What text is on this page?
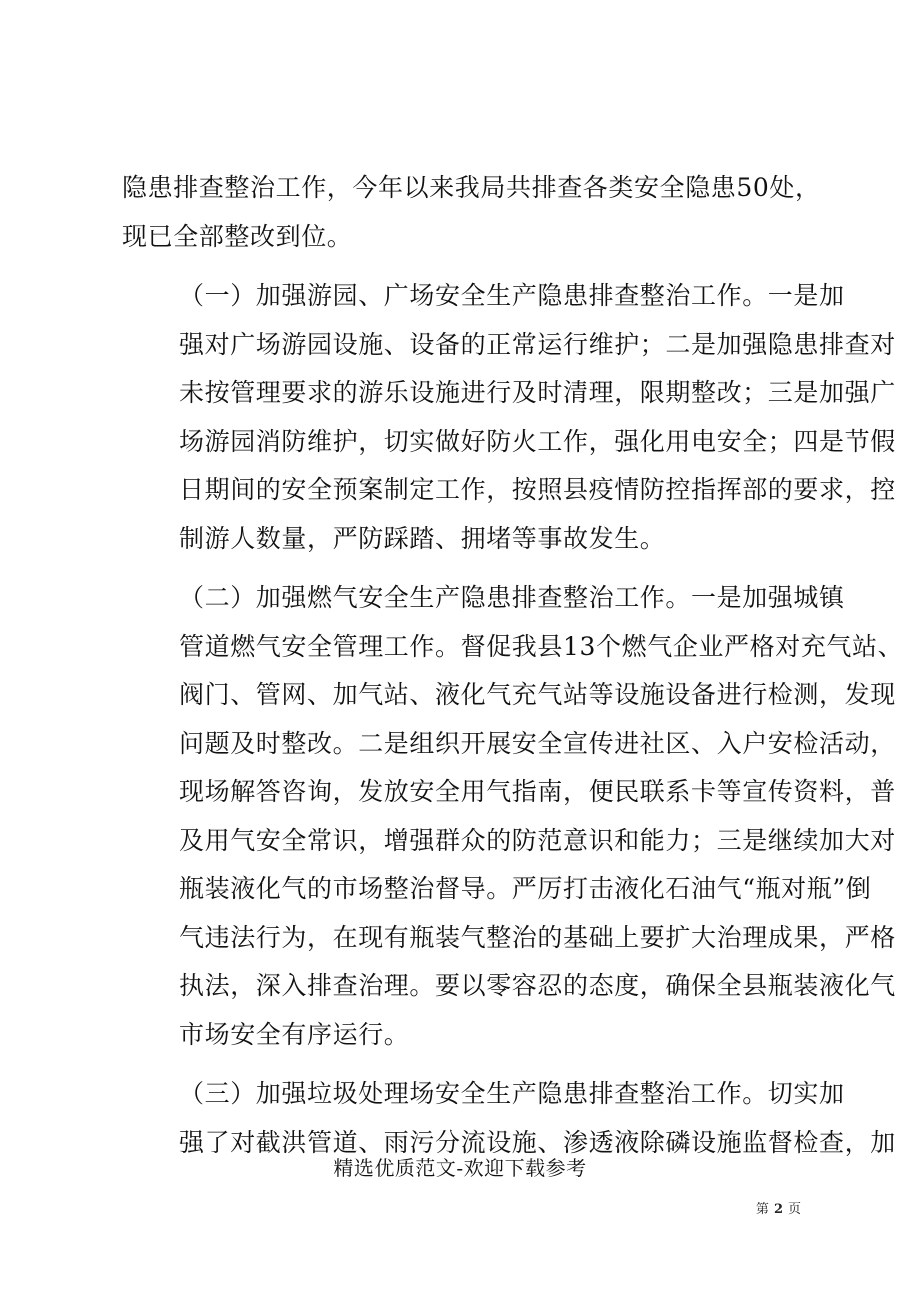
隐患排查整治工作，今年以来我局共排查各类安全隐患50处，
现已全部整改到位。

（一）加强游园、广场安全生产隐患排查整治工作。一是加
强对广场游园设施、设备的正常运行维护；二是加强隐患排查对
未按管理要求的游乐设施进行及时清理，限期整改；三是加强广
场游园消防维护，切实做好防火工作，强化用电安全；四是节假
日期间的安全预案制定工作，按照县疫情防控指挥部的要求，控
制游人数量，严防踩踏、拥堵等事故发生。

（二）加强燃气安全生产隐患排查整治工作。一是加强城镇
管道燃气安全管理工作。督促我县13个燃气企业严格对充气站、
阀门、管网、加气站、液化气充气站等设施设备进行检测，发现
问题及时整改。二是组织开展安全宣传进社区、入户安检活动，
现场解答咨询，发放安全用气指南，便民联系卡等宣传资料，普
及用气安全常识，增强群众的防范意识和能力；三是继续加大对
瓶装液化气的市场整治督导。严厉打击液化石油气“瓶对瓶”倒
气违法行为，在现有瓶装气整治的基础上要扩大治理成果，严格
执法，深入排查治理。要以零容忍的态度，确保全县瓶装液化气
市场安全有序运行。

（三）加强垃圾处理场安全生产隐患排查整治工作。切实加
强了对截洪管道、雨污分流设施、渗透液除磷设施监督检查，加

精选优质范文-欢迎下载参考
第 2 页
